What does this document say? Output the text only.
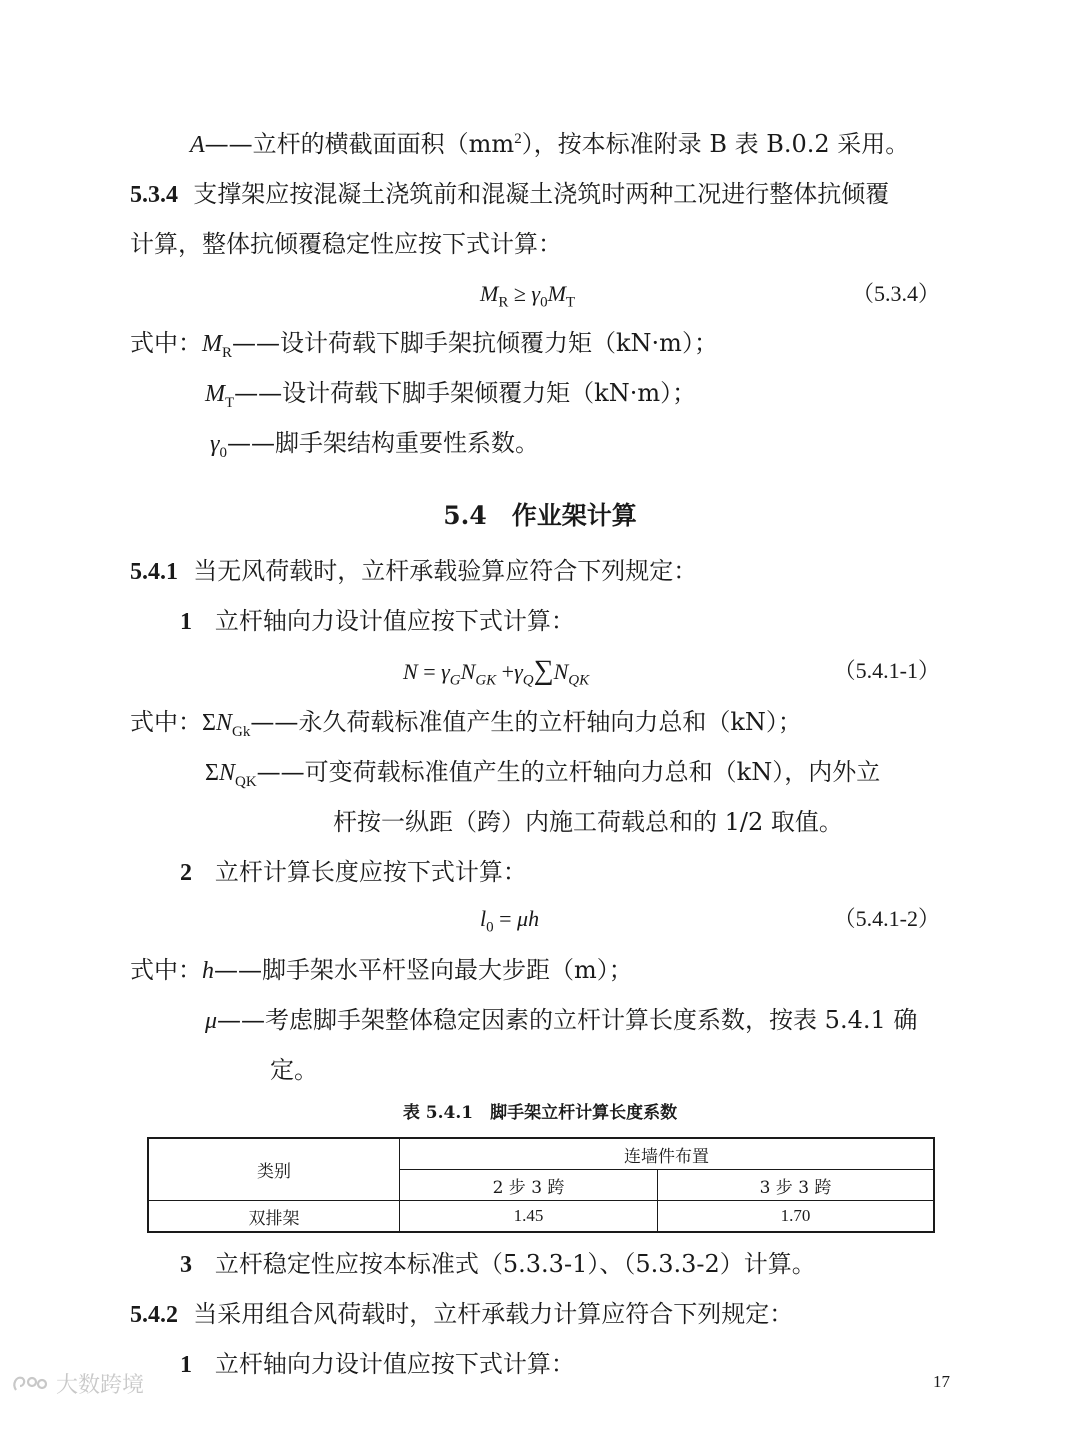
A——立杆的横截面面积$(mm^2)$，按本标准附录 B 表 B.0.2 采用。
5.3.4 支撑架应按混凝土浇筑前和混凝土浇筑时两种工况进行整体抗倾覆
计算，整体抗倾覆稳定性应按下式计算：
$M_R \ge \gamma_0M_T$	（5.3.4）
式中：$M_R——$设计荷载下脚手架抗倾覆力矩（kN·m）；
$M_T——$设计荷载下脚手架倾覆力矩（kN·m）；
$\gamma_0——$脚手架结构重要性系数。
5.4　作业架计算
5.4.1 当无风荷载时，立杆承载验算应符合下列规定：
1 立杆轴向力设计值应按下式计算：
$N = \gamma_GN_{GK} +\gamma_Q\sum N_{QK}$	（5.4.1-1）
式中：$\Sigma N_{Gk}——$永久荷载标准值产生的立杆轴向力总和（kN）；
$\Sigma N_{QK}——$可变荷载标准值产生的立杆轴向力总和（kN），内外立
杆按一纵距（跨）内施工荷载总和的 1/2 取值。
2 立杆计算长度应按下式计算：
$l_0 = \mu h$	（5.4.1-2）
式中：h——脚手架水平杆竖向最大步距（m）；
μ——考虑脚手架整体稳定因素的立杆计算长度系数，按表 5.4.1 确
定。
表 5.4.1　脚手架立杆计算长度系数
类别	连墙件布置	
	2 步 3 跨	3 步 3 跨
双排架	1.45	1.70
3 立杆稳定性应按本标准式（5.3.3-1）、（5.3.3-2）计算。
5.4.2 当采用组合风荷载时，立杆承载力计算应符合下列规定：
1 立杆轴向力设计值应按下式计算：
17
大数跨境
